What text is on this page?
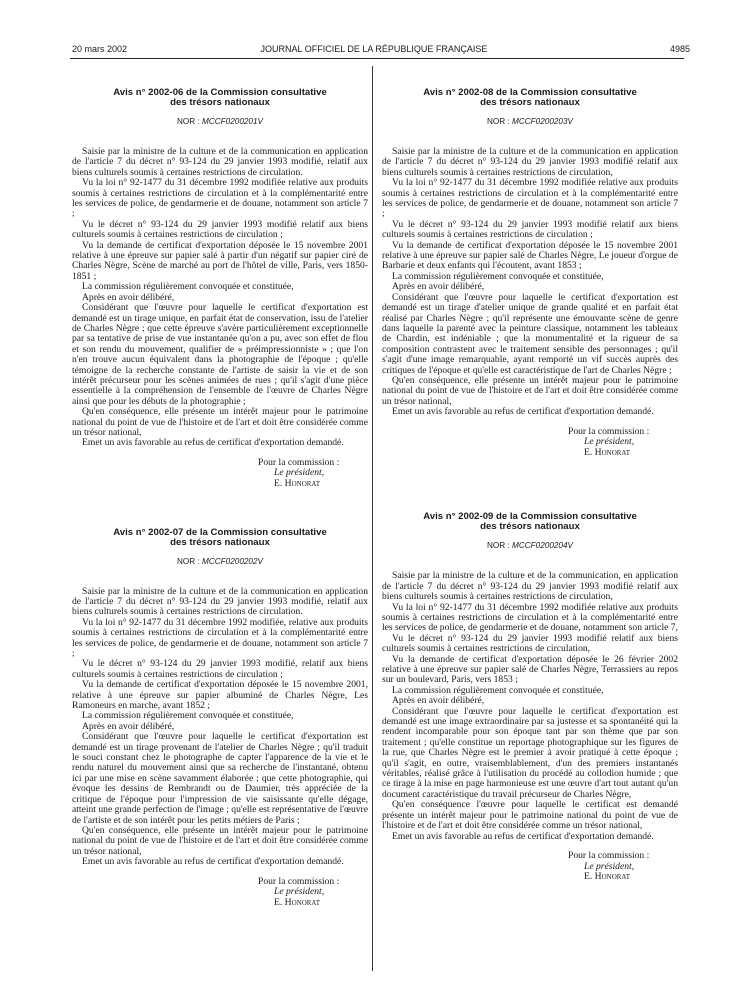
20 mars 2002	JOURNAL OFFICIEL DE LA RÉPUBLIQUE FRANÇAISE	4985

Avis n° 2002-06 de la Commission consultative
des trésors nationaux

NOR : MCCF0200201V

Saisie par la ministre de la culture et de la communication en application de l'article 7 du décret n° 93-124 du 29 janvier 1993 modifié, relatif aux biens culturels soumis à certaines restrictions de circulation.

Vu la loi n° 92-1477 du 31 décembre 1992 modifiée relative aux produits soumis à certaines restrictions de circulation et à la complémentarité entre les services de police, de gendarmerie et de douane, notamment son article 7 ;

Vu le décret n° 93-124 du 29 janvier 1993 modifié relatif aux biens culturels soumis à certaines restrictions de circulation ;

Vu la demande de certificat d'exportation déposée le 15 novembre 2001 relative à une épreuve sur papier salé à partir d'un négatif sur papier ciré de Charles Nègre, Scène de marché au port de l'hôtel de ville, Paris, vers 1850-1851 ;

La commission régulièrement convoquée et constituée,

Après en avoir délibéré,

Considérant que l'œuvre pour laquelle le certificat d'exportation est demandé est un tirage unique, en parfait état de conservation, issu de l'atelier de Charles Nègre ; que cette épreuve s'avère particulièrement exceptionnelle par sa tentative de prise de vue instantanée qu'on a pu, avec son effet de flou et son rendu du mouvement, qualifier de « préimpressionniste » ; que l'on n'en trouve aucun équivalent dans la photographie de l'époque ; qu'elle témoigne de la recherche constante de l'artiste de saisir la vie et de son intérêt précurseur pour les scènes animées de rues ; qu'il s'agit d'une pièce essentielle à la compréhension de l'ensemble de l'œuvre de Charles Nègre ainsi que pour les débuts de la photographie ;

Qu'en conséquence, elle présente un intérêt majeur pour le patrimoine national du point de vue de l'histoire et de l'art et doit être considérée comme un trésor national,

Emet un avis favorable au refus de certificat d'exportation demandé.

Pour la commission :
Le président,
E. Honorat

Avis n° 2002-07 de la Commission consultative
des trésors nationaux

NOR : MCCF0200202V

Saisie par la ministre de la culture et de la communication en application de l'article 7 du décret n° 93-124 du 29 janvier 1993 modifié, relatif aux biens culturels soumis à certaines restrictions de circulation.

Vu la loi n° 92-1477 du 31 décembre 1992 modifiée, relative aux produits soumis à certaines restrictions de circulation et à la complémentarité entre les services de police, de gendarmerie et de douane, notamment son article 7 ;

Vu le décret n° 93-124 du 29 janvier 1993 modifié, relatif aux biens culturels soumis à certaines restrictions de circulation ;

Vu la demande de certificat d'exportation déposée le 15 novembre 2001, relative à une épreuve sur papier albuminé de Charles Nègre, Les Ramoneurs en marche, avant 1852 ;

La commission régulièrement convoquée et constituée,

Après en avoir délibéré,

Considérant que l'œuvre pour laquelle le certificat d'exportation est demandé est un tirage provenant de l'atelier de Charles Nègre ; qu'il traduit le souci constant chez le photographe de capter l'apparence de la vie et le rendu naturel du mouvement ainsi que sa recherche de l'instantané, obtenu ici par une mise en scène savamment élaborée ; que cette photographie, qui évoque les dessins de Rembrandt ou de Daumier, très appréciée de la critique de l'époque pour l'impression de vie saisissante qu'elle dégage, atteint une grande perfection de l'image ; qu'elle est représentative de l'œuvre de l'artiste et de son intérêt pour les petits métiers de Paris ;

Qu'en conséquence, elle présente un intérêt majeur pour le patrimoine national du point de vue de l'histoire et de l'art et doit être considérée comme un trésor national,

Emet un avis favorable au refus de certificat d'exportation demandé.

Pour la commission :
Le président,
E. Honorat

Avis n° 2002-08 de la Commission consultative
des trésors nationaux

NOR : MCCF0200203V

Saisie par la ministre de la culture et de la communication en application de l'article 7 du décret n° 93-124 du 29 janvier 1993 modifié relatif aux biens culturels soumis à certaines restrictions de circulation,

Vu la loi n° 92-1477 du 31 décembre 1992 modifiée relative aux produits soumis à certaines restrictions de circulation et à la complémentarité entre les services de police, de gendarmerie et de douane, notamment son article 7 ;

Vu le décret n° 93-124 du 29 janvier 1993 modifié relatif aux biens culturels soumis à certaines restrictions de circulation ;

Vu la demande de certificat d'exportation déposée le 15 novembre 2001 relative à une épreuve sur papier salé de Charles Nègre, Le joueur d'orgue de Barbarie et deux enfants qui l'écoutent, avant 1853 ;

La commission régulièrement convoquée et constituée,

Après en avoir délibéré,

Considérant que l'œuvre pour laquelle le certificat d'exportation est demandé est un tirage d'atelier unique de grande qualité et en parfait état réalisé par Charles Nègre ; qu'il représente une émouvante scène de genre dans laquelle la parenté avec la peinture classique, notamment les tableaux de Chardin, est indéniable ; que la monumentalité et la rigueur de sa composition contrastent avec le traitement sensible des personnages ; qu'il s'agit d'une image remarquable, ayant remporté un vif succès auprès des critiques de l'époque et qu'elle est caractéristique de l'art de Charles Nègre ;

Qu'en conséquence, elle présente un intérêt majeur pour le patrimoine national du point de vue de l'histoire et de l'art et doit être considérée comme un trésor national,

Emet un avis favorable au refus de certificat d'exportation demandé.

Pour la commission :
Le président,
E. Honorat

Avis n° 2002-09 de la Commission consultative
des trésors nationaux

NOR : MCCF0200204V

Saisie par la ministre de la culture et de la communication, en application de l'article 7 du décret n° 93-124 du 29 janvier 1993 modifié relatif aux biens culturels soumis à certaines restrictions de circulation,

Vu la loi n° 92-1477 du 31 décembre 1992 modifiée relative aux produits soumis à certaines restrictions de circulation et à la complémentarité entre les services de police, de gendarmerie et de douane, notamment son article 7,

Vu le décret n° 93-124 du 29 janvier 1993 modifié relatif aux biens culturels soumis à certaines restrictions de circulation,

Vu la demande de certificat d'exportation déposée le 26 février 2002 relative à une épreuve sur papier salé de Charles Nègre, Terrassiers au repos sur un boulevard, Paris, vers 1853 ;

La commission régulièrement convoquée et constituée,

Après en avoir délibéré,

Considérant que l'œuvre pour laquelle le certificat d'exportation est demandé est une image extraordinaire par sa justesse et sa spontanéité qui la rendent incomparable pour son époque tant par son thème que par son traitement ; qu'elle constitue un reportage photographique sur les figures de la rue, que Charles Nègre est le premier à avoir pratiqué à cette époque ; qu'il s'agit, en outre, vraisemblablement, d'un des premiers instantanés véritables, réalisé grâce à l'utilisation du procédé au collodion humide ; que ce tirage à la mise en page harmonieuse est une œuvre d'art tout autant qu'un document caractéristique du travail précurseur de Charles Nègre,

Qu'en conséquence l'œuvre pour laquelle le certificat est demandé présente un intérêt majeur pour le patrimoine national du point de vue de l'histoire et de l'art et doit être considérée comme un trésor national,

Emet un avis favorable au refus de certificat d'exportation demandé.

Pour la commission :
Le président,
E. Honorat
